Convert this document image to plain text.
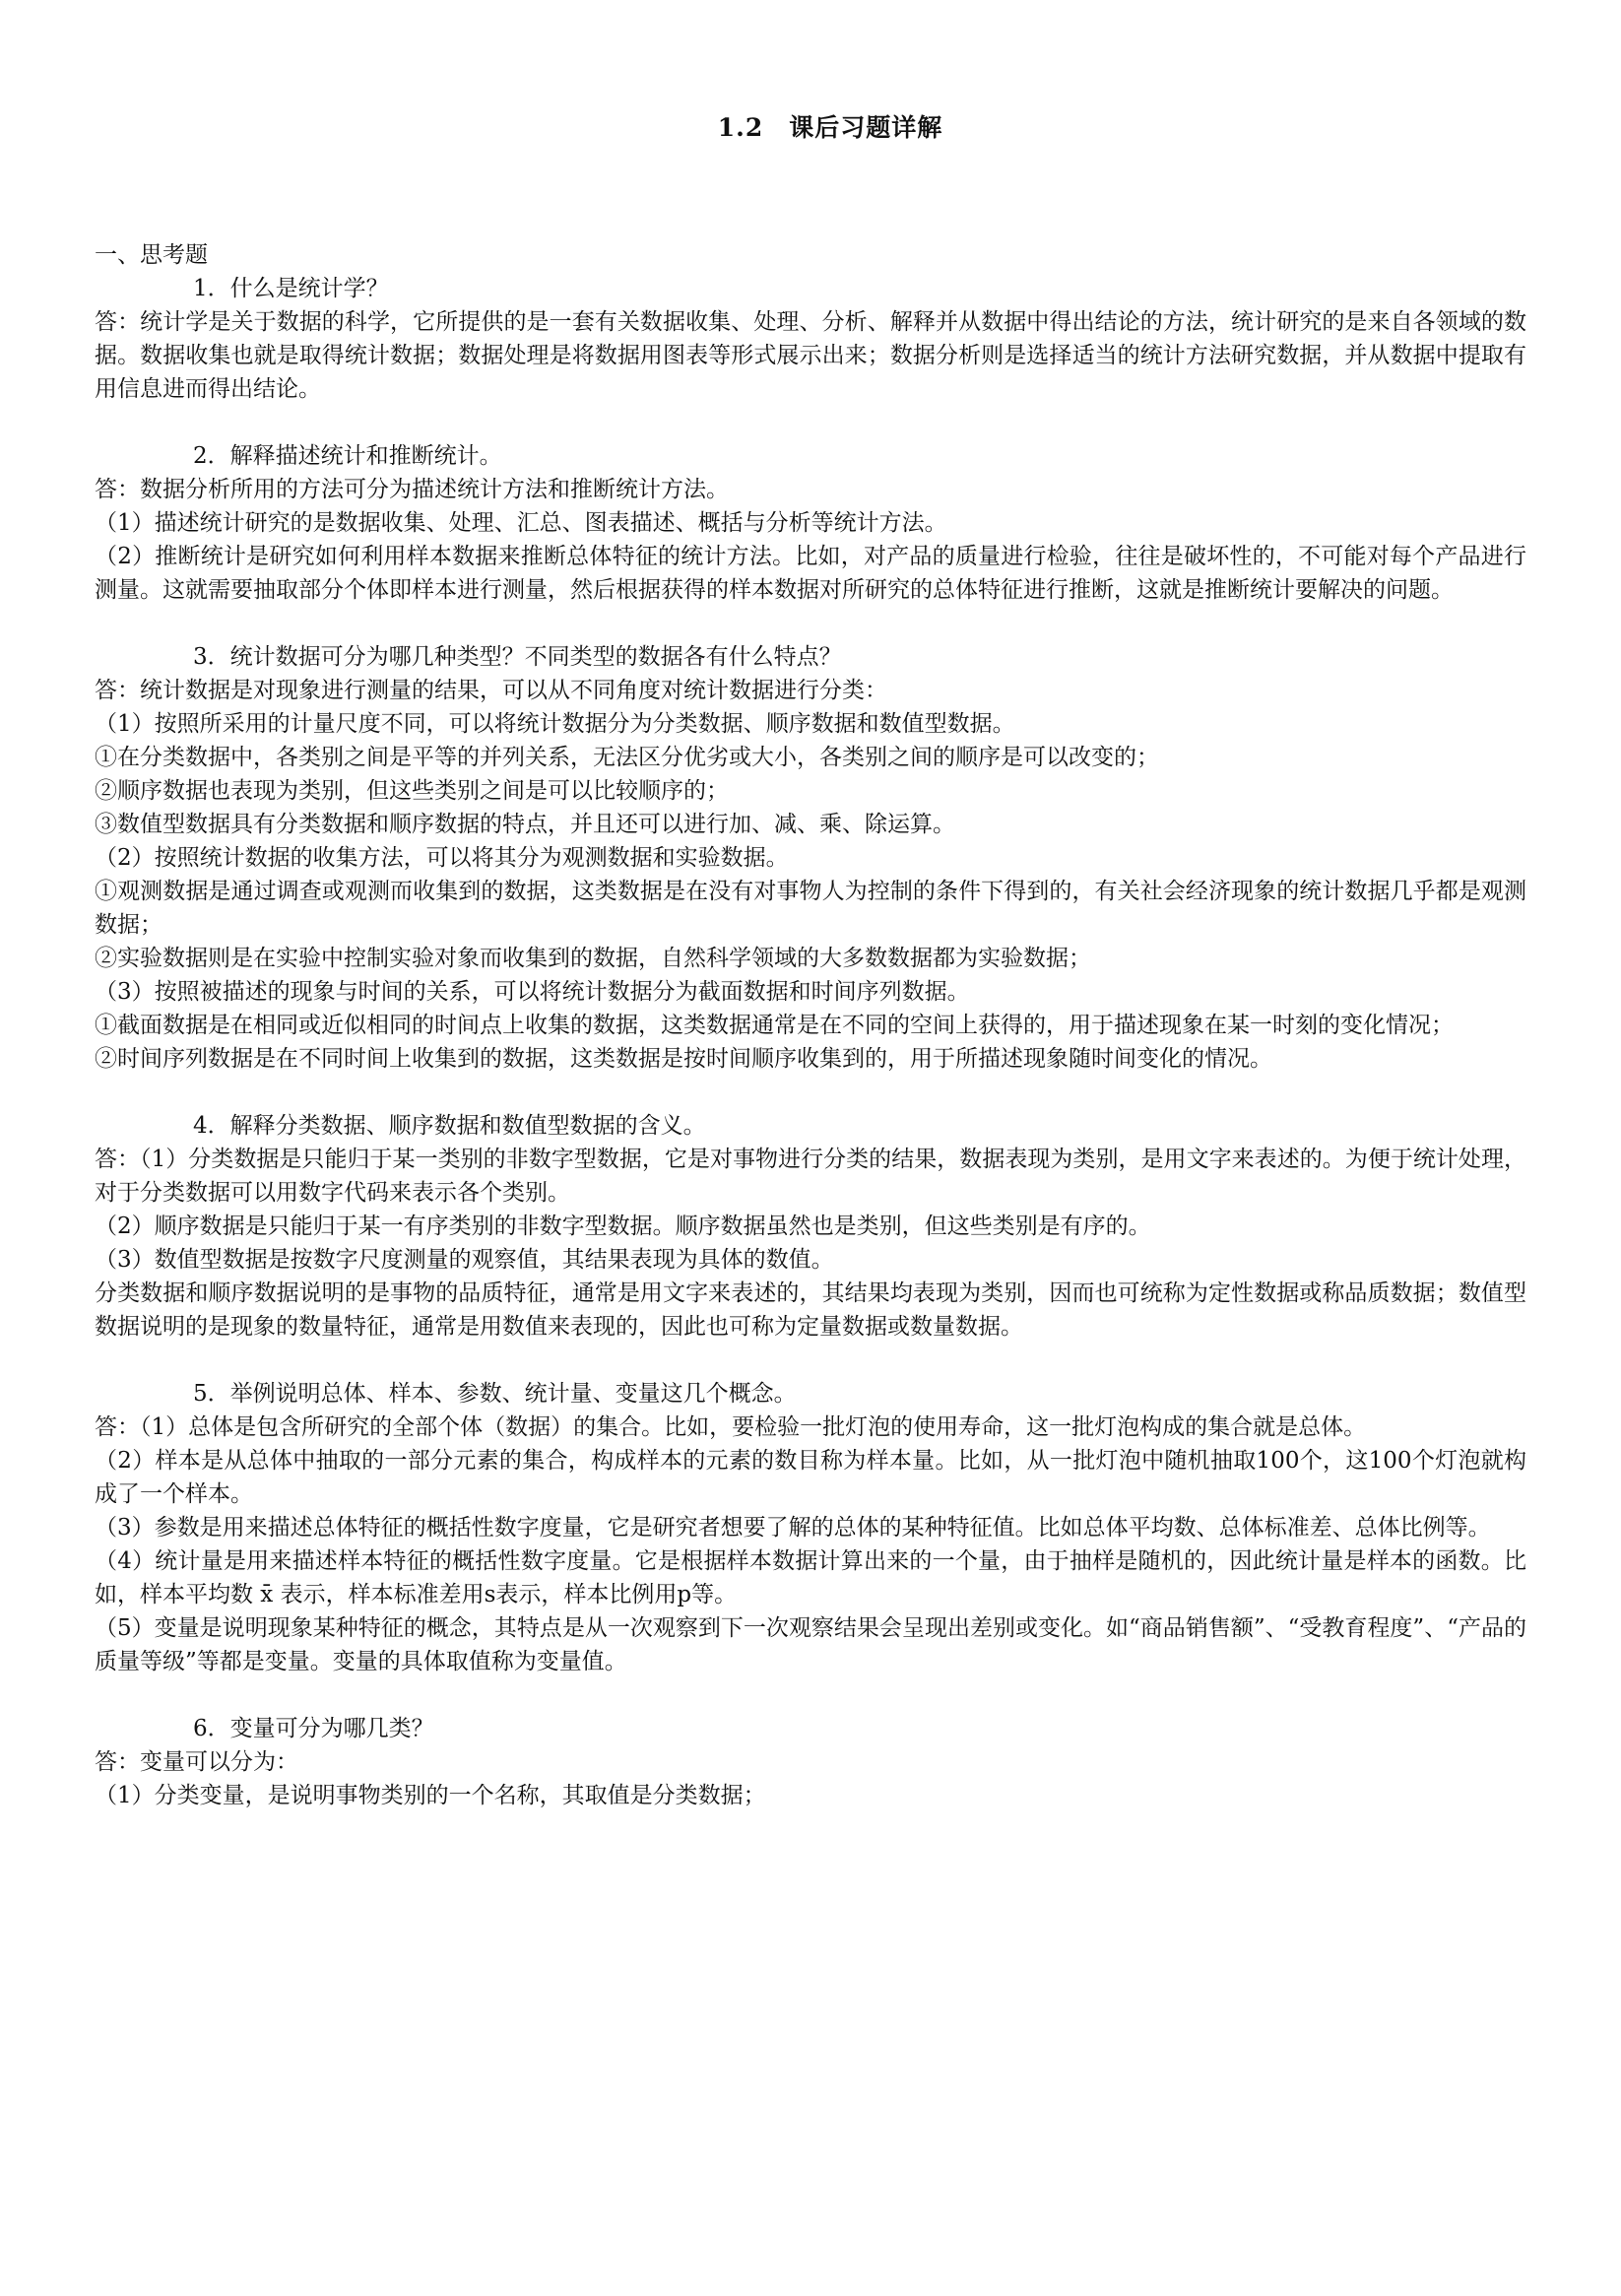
1.2　课后习题详解
一、思考题
1．什么是统计学？
答：统计学是关于数据的科学，它所提供的是一套有关数据收集、处理、分析、解释并从数据中得出结论的方法，统计研究的是来自各领域的数据。数据收集也就是取得统计数据；数据处理是将数据用图表等形式展示出来；数据分析则是选择适当的统计方法研究数据，并从数据中提取有用信息进而得出结论。
2．解释描述统计和推断统计。
答：数据分析所用的方法可分为描述统计方法和推断统计方法。
（1）描述统计研究的是数据收集、处理、汇总、图表描述、概括与分析等统计方法。
（2）推断统计是研究如何利用样本数据来推断总体特征的统计方法。比如，对产品的质量进行检验，往往是破坏性的，不可能对每个产品进行测量。这就需要抽取部分个体即样本进行测量，然后根据获得的样本数据对所研究的总体特征进行推断，这就是推断统计要解决的问题。
3．统计数据可分为哪几种类型？不同类型的数据各有什么特点？
答：统计数据是对现象进行测量的结果，可以从不同角度对统计数据进行分类：
（1）按照所采用的计量尺度不同，可以将统计数据分为分类数据、顺序数据和数值型数据。
①在分类数据中，各类别之间是平等的并列关系，无法区分优劣或大小，各类别之间的顺序是可以改变的；
②顺序数据也表现为类别，但这些类别之间是可以比较顺序的；
③数值型数据具有分类数据和顺序数据的特点，并且还可以进行加、减、乘、除运算。
（2）按照统计数据的收集方法，可以将其分为观测数据和实验数据。
①观测数据是通过调查或观测而收集到的数据，这类数据是在没有对事物人为控制的条件下得到的，有关社会经济现象的统计数据几乎都是观测数据；
②实验数据则是在实验中控制实验对象而收集到的数据，自然科学领域的大多数数据都为实验数据；
（3）按照被描述的现象与时间的关系，可以将统计数据分为截面数据和时间序列数据。
①截面数据是在相同或近似相同的时间点上收集的数据，这类数据通常是在不同的空间上获得的，用于描述现象在某一时刻的变化情况；
②时间序列数据是在不同时间上收集到的数据，这类数据是按时间顺序收集到的，用于所描述现象随时间变化的情况。
4．解释分类数据、顺序数据和数值型数据的含义。
答：（1）分类数据是只能归于某一类别的非数字型数据，它是对事物进行分类的结果，数据表现为类别，是用文字来表述的。为便于统计处理，对于分类数据可以用数字代码来表示各个类别。
（2）顺序数据是只能归于某一有序类别的非数字型数据。顺序数据虽然也是类别，但这些类别是有序的。
（3）数值型数据是按数字尺度测量的观察值，其结果表现为具体的数值。
分类数据和顺序数据说明的是事物的品质特征，通常是用文字来表述的，其结果均表现为类别，因而也可统称为定性数据或称品质数据；数值型数据说明的是现象的数量特征，通常是用数值来表现的，因此也可称为定量数据或数量数据。
5．举例说明总体、样本、参数、统计量、变量这几个概念。
答：（1）总体是包含所研究的全部个体（数据）的集合。比如，要检验一批灯泡的使用寿命，这一批灯泡构成的集合就是总体。
（2）样本是从总体中抽取的一部分元素的集合，构成样本的元素的数目称为样本量。比如，从一批灯泡中随机抽取100个，这100个灯泡就构成了一个样本。
（3）参数是用来描述总体特征的概括性数字度量，它是研究者想要了解的总体的某种特征值。比如总体平均数、总体标准差、总体比例等。
（4）统计量是用来描述样本特征的概括性数字度量。它是根据样本数据计算出来的一个量，由于抽样是随机的，因此统计量是样本的函数。比如，样本平均数 x̄ 表示，样本标准差用s表示，样本比例用p等。
（5）变量是说明现象某种特征的概念，其特点是从一次观察到下一次观察结果会呈现出差别或变化。如“商品销售额”、“受教育程度”、“产品的质量等级”等都是变量。变量的具体取值称为变量值。
6．变量可分为哪几类？
答：变量可以分为：
（1）分类变量，是说明事物类别的一个名称，其取值是分类数据；
